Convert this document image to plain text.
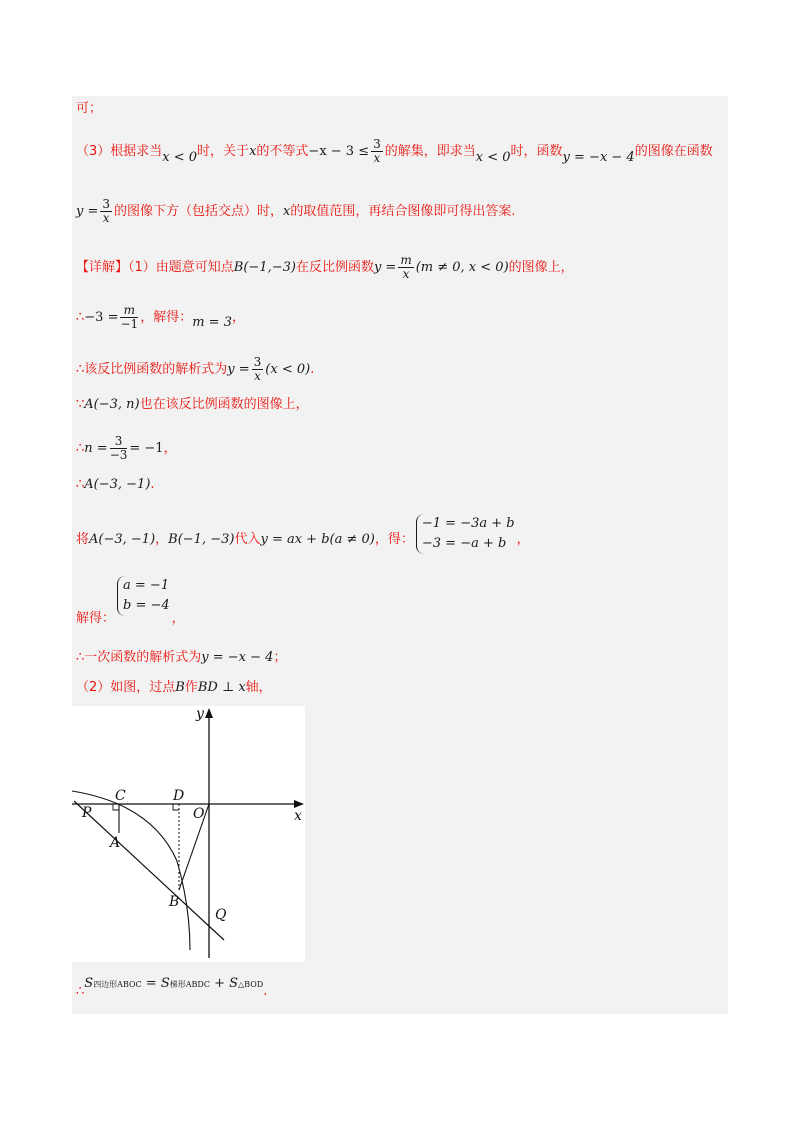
可；
（3）根据求当x < 0时，关于x的不等式$-x - 3 \le \frac{3}{x}$ 的解集，即求当x < 0时，函数y = −x − 4的图像在函数
$y = \frac{3}{x}$ 的图像下方（包括交点）时，x的取值范围，再结合图像即可得出答案.
【详解】（1）由题意可知点B(−1,−3)在反比例函数$y = \frac{m}{x} (m \ne 0$, x < 0)的图像上，
∴−3 = $\frac{m}{-1}$ ，解得：m = 3，
∴该反比例函数的解析式为$y = \frac{3}{x} (x < 0)$.
∵A(−3, n)也在该反比例函数的图像上，
∴n = $\frac{3}{-3} = -1$，
∴A(−3, −1).
将A(−3, −1)，B(−1, −3)代入y = ax + b(a ≠ 0)，得：
−1 = −3a + b
−3 = −a + b ，
解得：
a = −1
b = −4
，
∴一次函数的解析式为y = −x − 4；
（2）如图，过点B作BD ⊥ x轴，
y
C	D
O	x
P
A
B
Q
∴S四边形ABOC = S梯形ABDC + S△BOD.
